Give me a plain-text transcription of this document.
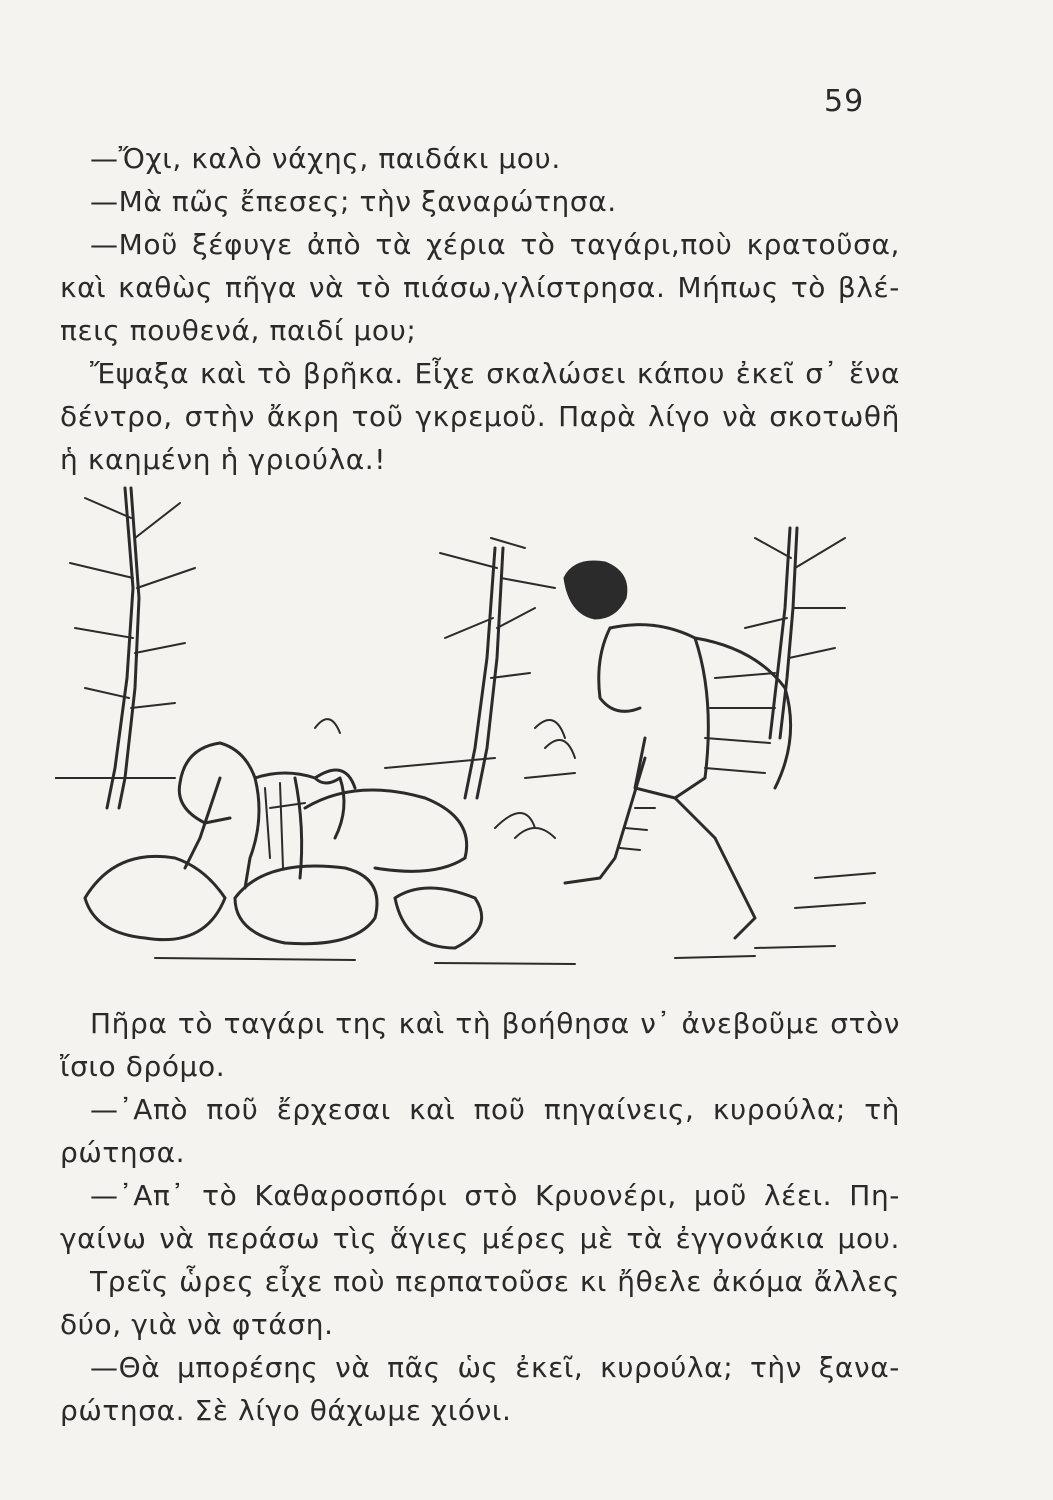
59
—Ὄχι, καλὸ νάχης, παιδάκι μου.
—Μὰ πῶς ἔπεσες; τὴν ξαναρώτησα.
—Μοῦ ξέφυγε ἀπὸ τὰ χέρια τὸ ταγάρι,ποὺ κρατοῦσα,
καὶ καθὼς πῆγα νὰ τὸ πιάσω,γλίστρησα. Μήπως τὸ βλέ-
πεις πουθενά, παιδί μου;
Ἔψαξα καὶ τὸ βρῆκα. Εἶχε σκαλώσει κάπου ἐκεῖ σ᾽ ἕνα
δέντρο, στὴν ἄκρη τοῦ γκρεμοῦ. Παρὰ λίγο νὰ σκοτωθῆ
ἡ καημένη ἡ γριούλα.!
Πῆρα τὸ ταγάρι της καὶ τὴ βοήθησα ν᾽ ἀνεβοῦμε στὸν
ἴσιο δρόμο.
—᾽Απὸ ποῦ ἔρχεσαι καὶ ποῦ πηγαίνεις, κυρούλα; τὴ
ρώτησα.
—᾽Απ᾽ τὸ Καθαροσπόρι στὸ Κρυονέρι, μοῦ λέει. Πη-
γαίνω νὰ περάσω τὶς ἅγιες μέρες μὲ τὰ ἐγγονάκια μου.
Τρεῖς ὧρες εἶχε ποὺ περπατοῦσε κι ἤθελε ἀκόμα ἄλλες
δύο, γιὰ νὰ φτάση.
—Θὰ μπορέσης νὰ πᾶς ὡς ἐκεῖ, κυρούλα; τὴν ξανα-
ρώτησα. Σὲ λίγο θάχωμε χιόνι.
